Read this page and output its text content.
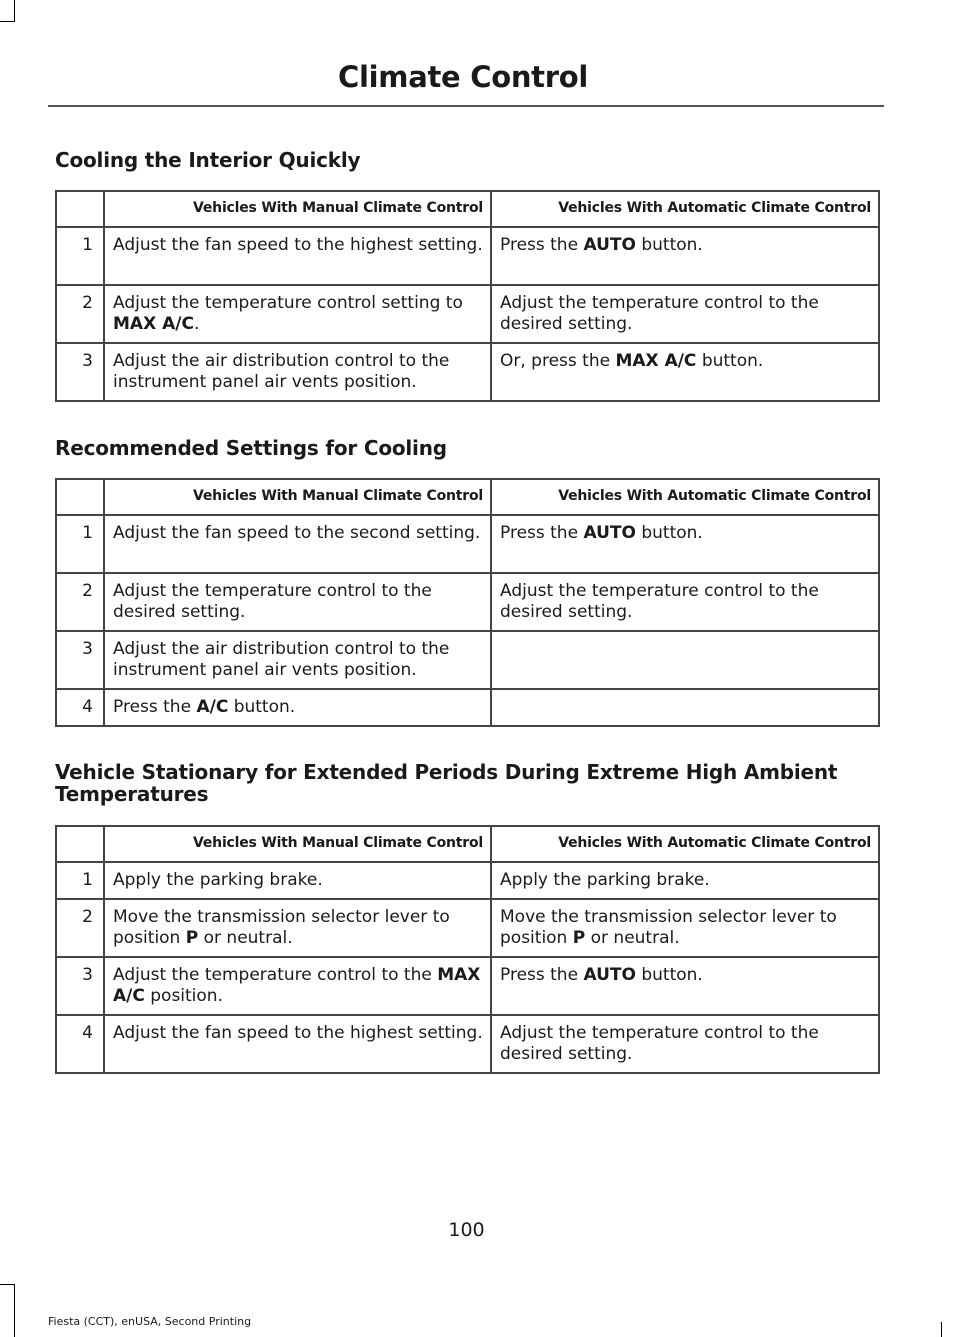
Climate Control
Cooling the Interior Quickly
	Vehicles With Manual Climate Control	Vehicles With Automatic Climate Control
1	Adjust the fan speed to the highest setting.	Press the AUTO button.
2	Adjust the temperature control setting to MAX A/C.	Adjust the temperature control to the desired setting.
3	Adjust the air distribution control to the instrument panel air vents position.	Or, press the MAX A/C button.
Recommended Settings for Cooling
	Vehicles With Manual Climate Control	Vehicles With Automatic Climate Control
1	Adjust the fan speed to the second setting.	Press the AUTO button.
2	Adjust the temperature control to the desired setting.	Adjust the temperature control to the desired setting.
3	Adjust the air distribution control to the instrument panel air vents position.	
4	Press the A/C button.	
Vehicle Stationary for Extended Periods During Extreme High Ambient Temperatures
	Vehicles With Manual Climate Control	Vehicles With Automatic Climate Control
1	Apply the parking brake.	Apply the parking brake.
2	Move the transmission selector lever to position P or neutral.	Move the transmission selector lever to position P or neutral.
3	Adjust the temperature control to the MAX A/C position.	Press the AUTO button.
4	Adjust the fan speed to the highest setting.	Adjust the temperature control to the desired setting.
100
Fiesta (CCT), enUSA, Second Printing
